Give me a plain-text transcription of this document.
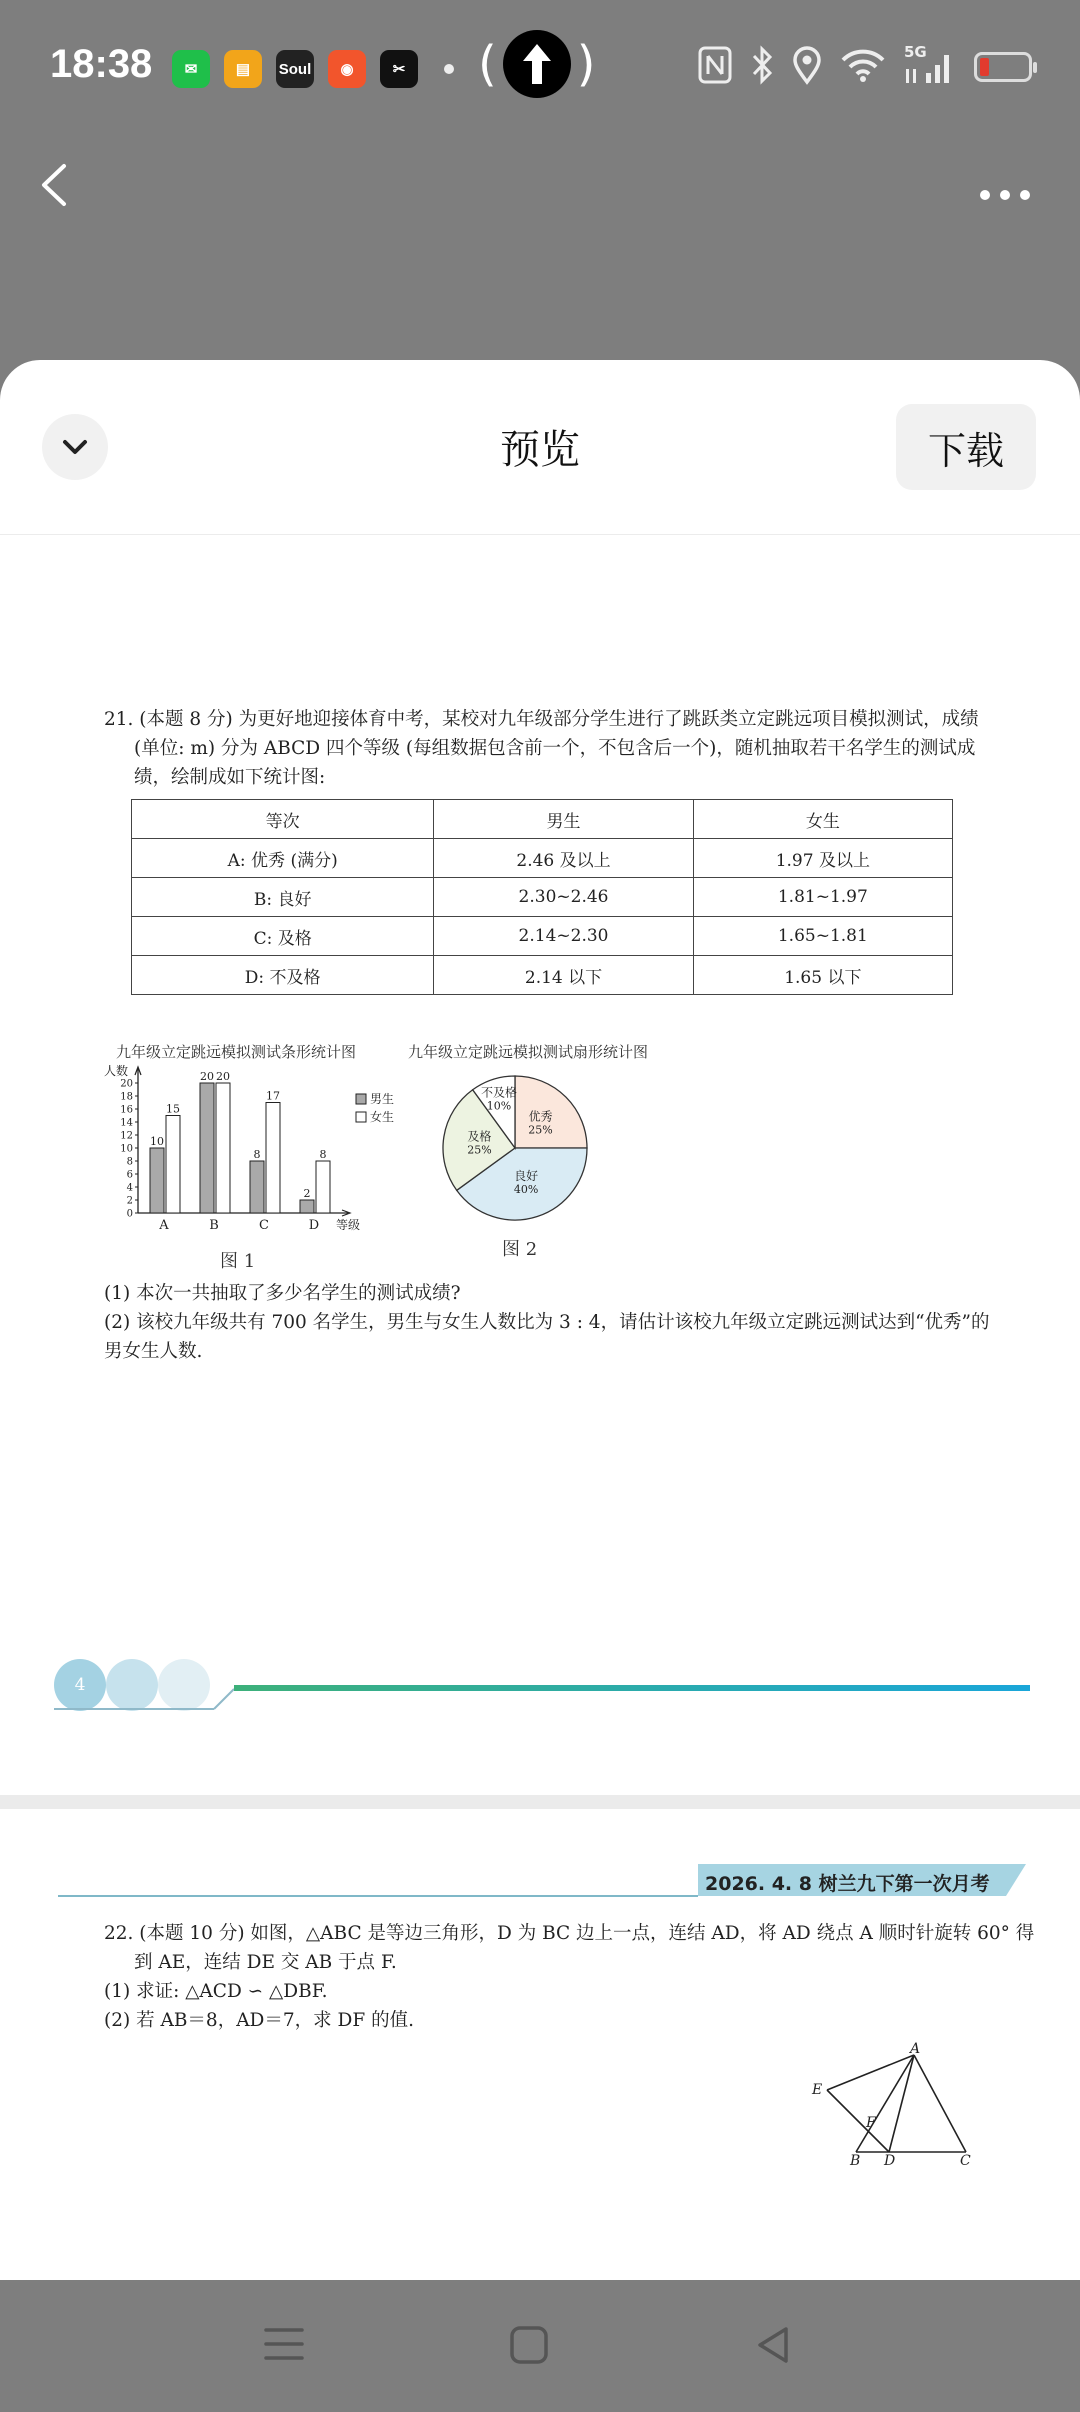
18:38	✉	▤	Soul	◉	✂ ( )	5G
预览	下载
21. (本题 8 分) 为更好地迎接体育中考，某校对九年级部分学生进行了跳跃类立定跳远项目模拟测试，成绩
(单位: m) 分为 ABCD 四个等级 (每组数据包含前一个，不包含后一个)，随机抽取若干名学生的测试成
绩，绘制成如下统计图:
等次	男生	女生
A: 优秀 (满分)	2.46 及以上	1.97 及以上
B: 良好	2.30~2.46	1.81~1.97
C: 及格	2.14~2.30	1.65~1.81
D: 不及格	2.14 以下	1.65 以下
九年级立定跳远模拟测试条形统计图	九年级立定跳远模拟测试扇形统计图
人数
等级
0
2
4
6
8
10
12
14
16
18
20
10
15
A
20 20
B
8
17
C
2
8
D
男生
女生	优秀
25%
良好
40%
及格
25%
不及格
10%
图 1
图 2
(1) 本次一共抽取了多少名学生的测试成绩?
(2) 该校九年级共有 700 名学生，男生与女生人数比为 3 : 4，请估计该校九年级立定跳远测试达到“优秀”的
男女生人数.
4
2026. 4. 8 树兰九下第一次月考
22. (本题 10 分) 如图，△ABC 是等边三角形，D 为 BC 边上一点，连结 AD，将 AD 绕点 A 顺时针旋转 60° 得
到 AE，连结 DE 交 AB 于点 F.
(1) 求证: △ACD ∽ △DBF.
(2) 若 AB＝8，AD＝7，求 DF 的值.
A
B	C
D
E
F
